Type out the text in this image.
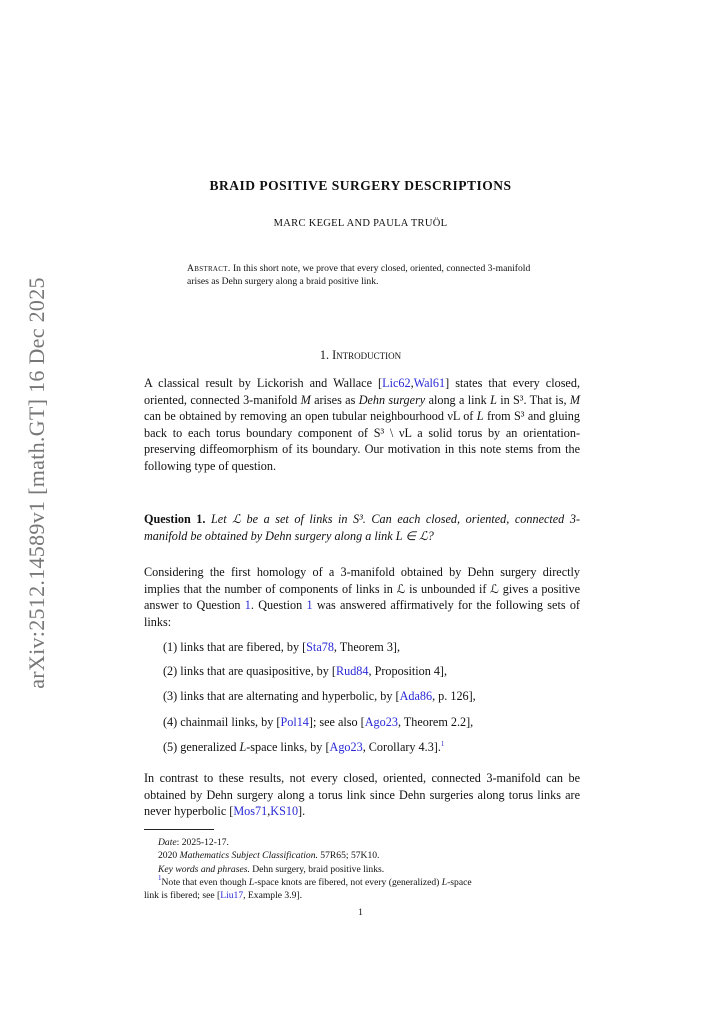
arXiv:2512.14589v1 [math.GT] 16 Dec 2025
BRAID POSITIVE SURGERY DESCRIPTIONS
MARC KEGEL AND PAULA TRUÖL
Abstract. In this short note, we prove that every closed, oriented, connected 3-manifold arises as Dehn surgery along a braid positive link.
1. Introduction
A classical result by Lickorish and Wallace [Lic62,Wal61] states that every closed, oriented, connected 3-manifold M arises as Dehn surgery along a link L in S³. That is, M can be obtained by removing an open tubular neighbourhood νL of L from S³ and gluing back to each torus boundary component of S³ \ νL a solid torus by an orientation-preserving diffeomorphism of its boundary. Our motivation in this note stems from the following type of question.
Question 1. Let ℒ be a set of links in S³. Can each closed, oriented, connected 3-manifold be obtained by Dehn surgery along a link L ∈ ℒ?
Considering the first homology of a 3-manifold obtained by Dehn surgery directly implies that the number of components of links in ℒ is unbounded if ℒ gives a positive answer to Question 1. Question 1 was answered affirmatively for the following sets of links:
(1) links that are fibered, by [Sta78, Theorem 3],
(2) links that are quasipositive, by [Rud84, Proposition 4],
(3) links that are alternating and hyperbolic, by [Ada86, p. 126],
(4) chainmail links, by [Pol14]; see also [Ago23, Theorem 2.2],
(5) generalized L-space links, by [Ago23, Corollary 4.3].$^1$
In contrast to these results, not every closed, oriented, connected 3-manifold can be obtained by Dehn surgery along a torus link since Dehn surgeries along torus links are never hyperbolic [Mos71,KS10].
Date: 2025-12-17.
2020 Mathematics Subject Classification. 57R65; 57K10.
Key words and phrases. Dehn surgery, braid positive links.
$^1$Note that even though L-space knots are fibered, not every (generalized) L-space
link is fibered; see [Liu17, Example 3.9].
1
